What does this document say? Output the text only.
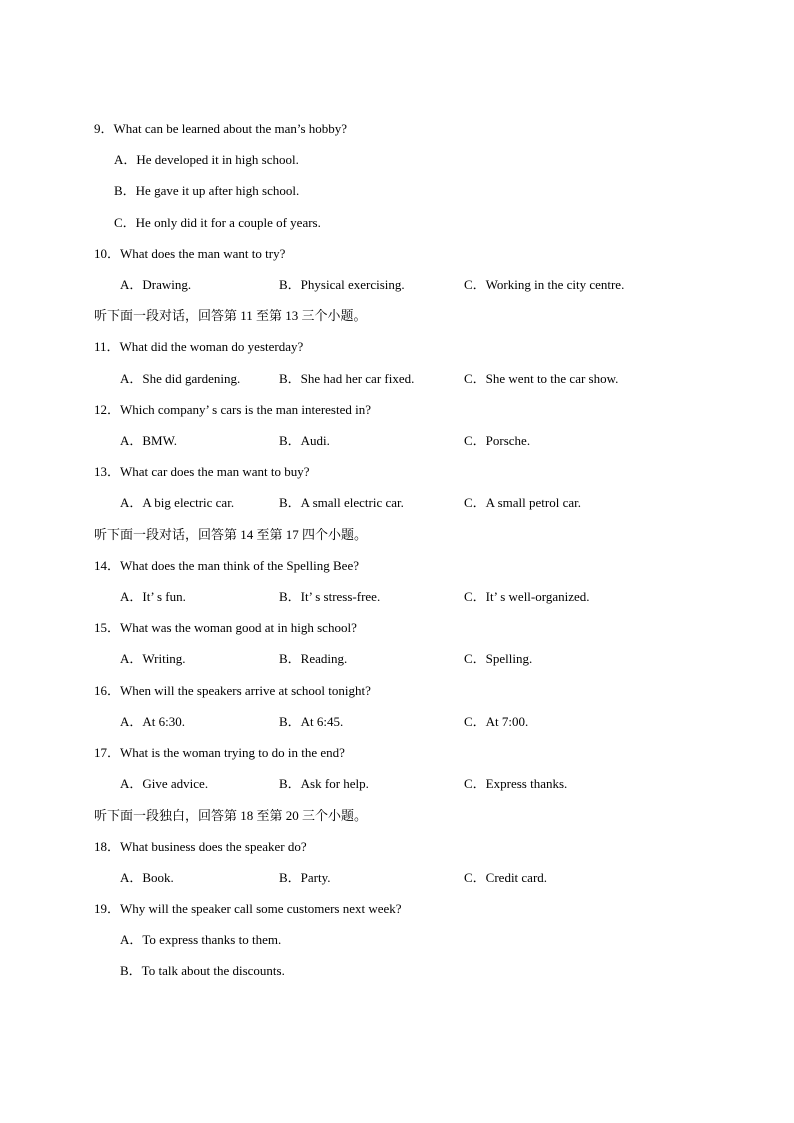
9．What can be learned about the man’s hobby?
A．He developed it in high school.
B．He gave it up after high school.
C．He only did it for a couple of years.
10．What does the man want to try?
A．Drawing.	B．Physical exercising.	C．Working in the city centre.
听下面一段对话，回答第 11 至第 13 三个小题。
11．What did the woman do yesterday?
A．She did gardening.	B．She had her car fixed.	C．She went to the car show.
12．Which company’ s cars is the man interested in?
A．BMW.	B．Audi.	C．Porsche.
13．What car does the man want to buy?
A．A big electric car.	B．A small electric car.	C．A small petrol car.
听下面一段对话，回答第 14 至第 17 四个小题。
14．What does the man think of the Spelling Bee?
A．It’ s fun.	B．It’ s stress-free.	C．It’ s well-organized.
15．What was the woman good at in high school?
A．Writing.	B．Reading.	C．Spelling.
16．When will the speakers arrive at school tonight?
A．At 6:30.	B．At 6:45.	C．At 7:00.
17．What is the woman trying to do in the end?
A．Give advice.	B．Ask for help.	C．Express thanks.
听下面一段独白，回答第 18 至第 20 三个小题。
18．What business does the speaker do?
A．Book.	B．Party.	C．Credit card.
19．Why will the speaker call some customers next week?
A．To express thanks to them.
B．To talk about the discounts.
